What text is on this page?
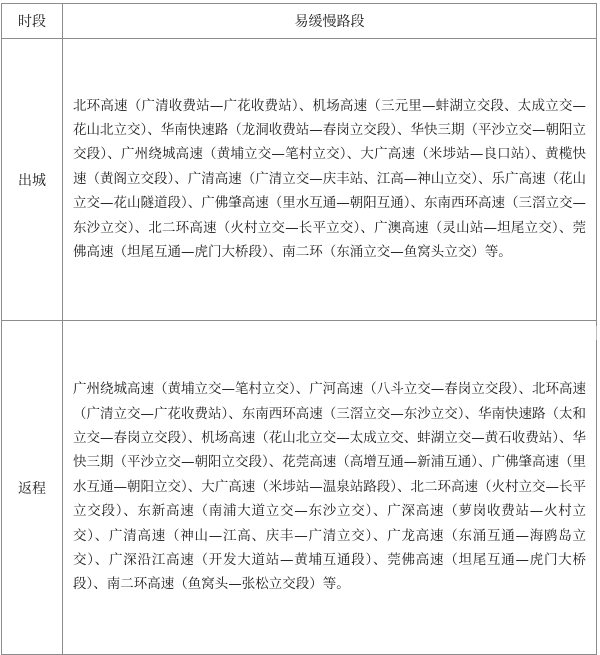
时段	易缓慢路段
出城	北环高速（广清收费站—广花收费站）、机场高速（三元里—蚌湖立交段、太成立交—花山北立交）、华南快速路（龙洞收费站—春岗立交段）、华快三期（平沙立交—朝阳立交段）、广州绕城高速（黄埔立交—笔村立交）、大广高速（米埗站—良口站）、黄榄快速（黄阁立交段）、广清高速（广清立交—庆丰站、江高—神山立交）、乐广高速（花山立交—花山隧道段）、广佛肇高速（里水互通—朝阳互通）、东南西环高速（三滘立交—东沙立交）、北二环高速（火村立交—长平立交）、广澳高速（灵山站—坦尾立交）、莞佛高速（坦尾互通—虎门大桥段）、南二环（东涌立交—鱼窝头立交）等。
返程	广州绕城高速（黄埔立交—笔村立交）、广河高速（八斗立交—春岗立交段）、北环高速（广清立交—广花收费站）、东南西环高速（三滘立交—东沙立交）、华南快速路（太和立交—春岗立交段）、机场高速（花山北立交—太成立交、蚌湖立交—黄石收费站）、华快三期（平沙立交—朝阳立交段）、花莞高速（高增互通—新浦互通）、广佛肇高速（里水互通—朝阳立交）、大广高速（米埗站—温泉站路段）、北二环高速（火村立交—长平立交段）、东新高速（南浦大道立交—东沙立交）、广深高速（萝岗收费站—火村立交）、广清高速（神山—江高、庆丰—广清立交）、广龙高速（东涌互通—海鸥岛立交）、广深沿江高速（开发大道站—黄埔互通段）、莞佛高速（坦尾互通—虎门大桥段）、南二环高速（鱼窝头—张松立交段）等。
